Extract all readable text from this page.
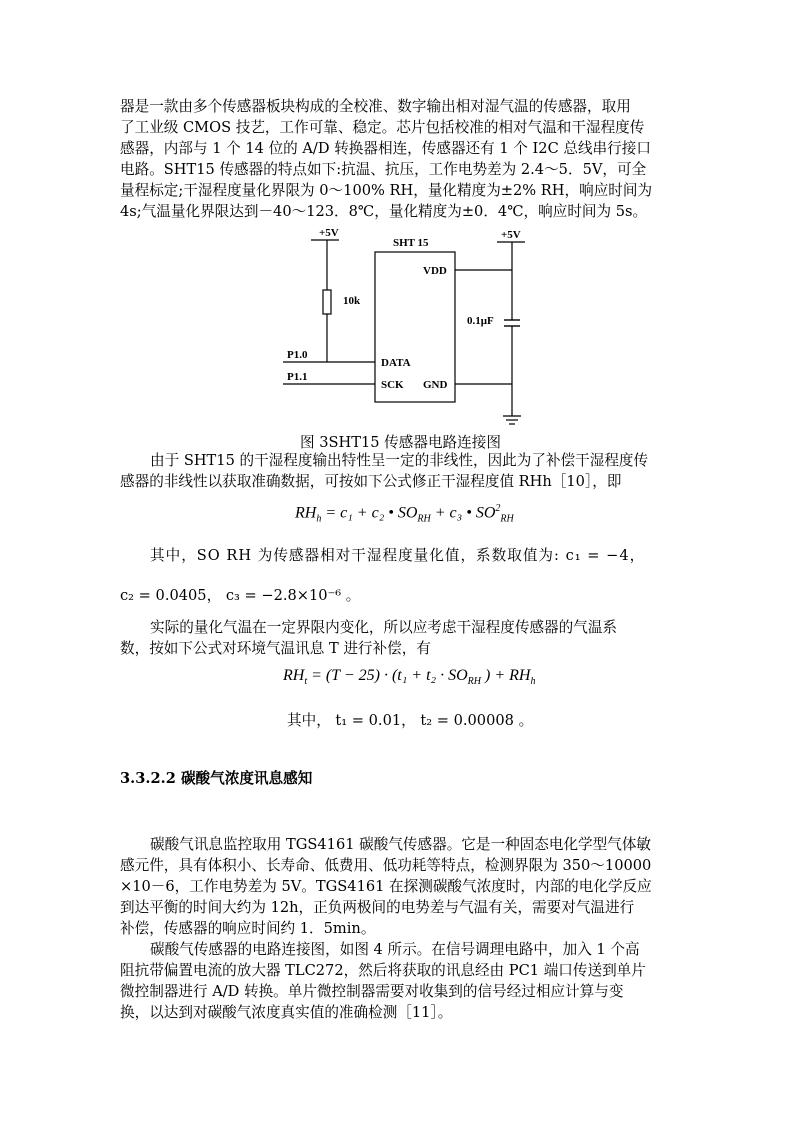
器是一款由多个传感器板块构成的全校准、数字输出相对湿气温的传感器，取用
了工业级 CMOS 技艺，工作可靠、稳定。芯片包括校准的相对气温和干湿程度传
感器，内部与 1 个 14 位的 A/D 转换器相连，传感器还有 1 个 I2C 总线串行接口
电路。SHT15 传感器的特点如下:抗温、抗压，工作电势差为 2.4～5．5V，可全
量程标定;干湿程度量化界限为 0～100% RH，量化精度为±2% RH，响应时间为
4s;气温量化界限达到－40～123．8℃，量化精度为±0．4℃，响应时间为 5s。
+5V
10k
SHT 15
VDD
DATA
SCK GND
P1.0
P1.1
+5V
0.1μF
图 3SHT15 传感器电路连接图
由于 SHT15 的干湿程度输出特性呈一定的非线性，因此为了补偿干湿程度传
感器的非线性以获取准确数据，可按如下公式修正干湿程度值 RHh［10］，即
$RH_h = c_1 + c_2$ • $SO_{RH} + c_3$ • $SO^2_{RH}$
其中，SO RH 为传感器相对干湿程度量化值，系数取值为: c₁ = −4，
c₂ = 0.0405， c₃ = −2.8×10⁻⁶ 。
实际的量化气温在一定界限内变化，所以应考虑干湿程度传感器的气温系
数，按如下公式对环境气温讯息 T 进行补偿，有
$RH_t = (T - 25) \cdot (t_1 + t_2 \cdot SO_{RH}$ ) + $RH_h$
其中， t₁ = 0.01， t₂ = 0.00008 。
3.3.2.2 碳酸气浓度讯息感知
碳酸气讯息监控取用 TGS4161 碳酸气传感器。它是一种固态电化学型气体敏
感元件，具有体积小、长寿命、低费用、低功耗等特点，检测界限为 350～10000
×10－6，工作电势差为 5V。TGS4161 在探测碳酸气浓度时，内部的电化学反应
到达平衡的时间大约为 12h，正负两极间的电势差与气温有关，需要对气温进行
补偿，传感器的响应时间约 1．5min。
碳酸气传感器的电路连接图，如图 4 所示。在信号调理电路中，加入 1 个高
阻抗带偏置电流的放大器 TLC272，然后将获取的讯息经由 PC1 端口传送到单片
微控制器进行 A/D 转换。单片微控制器需要对收集到的信号经过相应计算与变
换，以达到对碳酸气浓度真实值的准确检测［11］。
